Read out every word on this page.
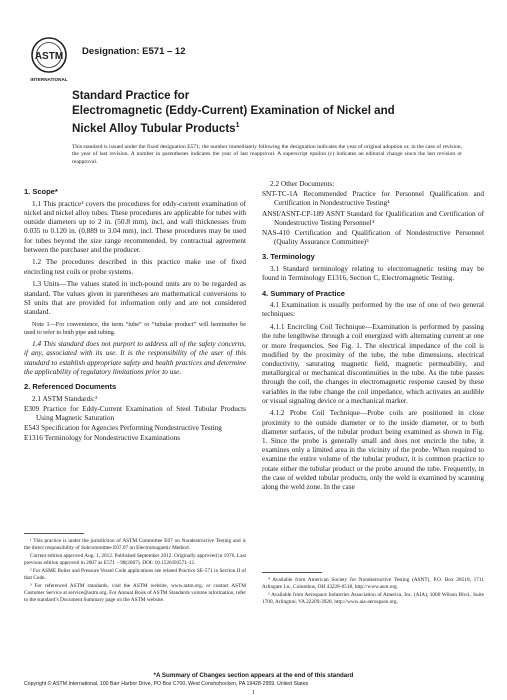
ASTM
INTERNATIONAL
Designation: E571 – 12
Standard Practice for
Electromagnetic (Eddy-Current) Examination of Nickel and
Nickel Alloy Tubular Products$^1$
This standard is issued under the fixed designation E571; the number immediately following the designation indicates the year of original adoption or, in the case of revision, the year of last revision. A number in parentheses indicates the year of last reapproval. A superscript epsilon (ε) indicates an editorial change since the last revision or reapproval.

1. Scope*

1.1 This practice² covers the procedures for eddy-current examination of nickel and nickel alloy tubes. These procedures are applicable for tubes with outside diameters up to 2 in. (50.8 mm), incl, and wall thicknesses from 0.035 to 0.120 in. (0.889 to 3.04 mm), incl. These procedures may be used for tubes beyond the size range recommended, by contractual agreement between the purchaser and the producer.

1.2 The procedures described in this practice make use of fixed encircling test coils or probe systems.

1.3 Units—The values stated in inch-pound units are to be regarded as standard. The values given in parentheses are mathematical conversions to SI units that are provided for information only and are not considered standard.

Note 1—For convenience, the term “tube” or “tubular product” will hereinafter be used to refer to both pipe and tubing.

1.4 This standard does not purport to address all of the safety concerns, if any, associated with its use. It is the responsibility of the user of this standard to establish appropriate safety and health practices and determine the applicability of regulatory limitations prior to use.

2. Referenced Documents

2.1 ASTM Standards:³

E309 Practice for Eddy-Current Examination of Steel Tubular Products Using Magnetic Saturation

E543 Specification for Agencies Performing Nondestructive Testing

E1316 Terminology for Nondestructive Examinations

2.2 Other Documents:

SNT-TC-1A Recommended Practice for Personnel Qualification and Certification in Nondestructive Testing⁴

ANSI/ASNT-CP-189 ASNT Standard for Qualification and Certification of Nondestructive Testing Personnel⁴

NAS-410 Certification and Qualification of Nondestructive Personnel (Quality Assurance Committee)⁵

3. Terminology

3.1 Standard terminology relating to electromagnetic testing may be found in Terminology E1316, Section C, Electromagnetic Testing.

4. Summary of Practice

4.1 Examination is usually performed by the use of one of two general techniques:

4.1.1 Encircling Coil Technique—Examination is performed by passing the tube lengthwise through a coil energized with alternating current at one or more frequencies. See Fig. 1. The electrical impedance of the coil is modified by the proximity of the tube, the tube dimensions, electrical conductivity, saturating magnetic field, magnetic permeability, and metallurgical or mechanical discontinuities in the tube. As the tube passes through the coil, the changes in electromagnetic response caused by these variables in the tube change the coil impedance, which activates an audible or visual signaling device or a mechanical marker.

4.1.2 Probe Coil Technique—Probe coils are positioned in close proximity to the outside diameter or to the inside diameter, or to both diameter surfaces, of the tubular product being examined as shown in Fig. 1. Since the probe is generally small and does not encircle the tube, it examines only a limited area in the vicinity of the probe. When required to examine the entire volume of the tubular product, it is common practice to rotate either the tubular product or the probe around the tube. Frequently, in the case of welded tubular products, only the weld is examined by scanning along the weld zone. In the case

¹ This practice is under the jurisdiction of ASTM Committee E07 on Nondestructive Testing and is the direct responsibility of Subcommittee E07.07 on Electromagnetic Method.

Current edition approved Aug. 1, 2012. Published September 2012. Originally approved in 1976. Last previous edition approved in 2007 as E571 – 98(2007). DOI: 10.1520/E0571-12.

² For ASME Boiler and Pressure Vessel Code applications see related Practice SE-571 in Section II of that Code.

³ For referenced ASTM standards, visit the ASTM website, www.astm.org, or contact ASTM Customer Service at service@astm.org. For Annual Book of ASTM Standards volume information, refer to the standard’s Document Summary page on the ASTM website.

⁴ Available from American Society for Nondestructive Testing (ASNT), P.O. Box 28518, 1711 Arlingate Ln., Columbus, OH 43228-0518, http://www.asnt.org.

⁵ Available from Aerospace Industries Association of America, Inc. (AIA), 1000 Wilson Blvd., Suite 1700, Arlington, VA 22209-3928, http://www.aia-aerospace.org.

*A Summary of Changes section appears at the end of this standard
Copyright © ASTM International, 100 Barr Harbor Drive, PO Box C700, West Conshohocken, PA 19428-2959. United States
1
